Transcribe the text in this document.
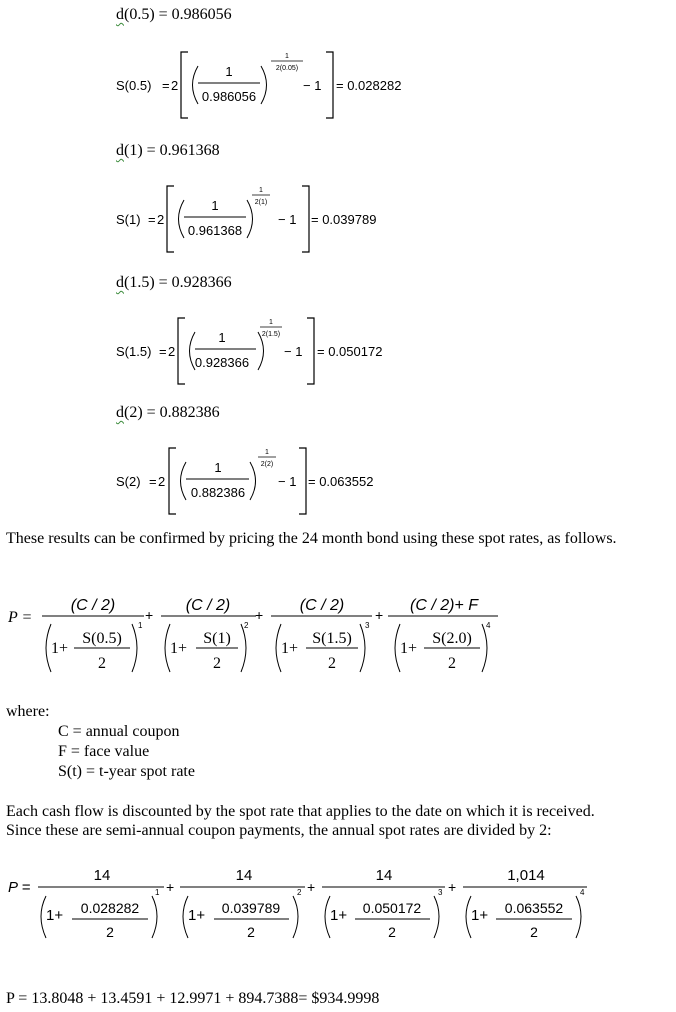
d(0.5) = 0.986056
S(0.5) = 2
1
0.986056
1
2(0.05)
− 1 = 0.028282
d(1) = 0.961368
S(1) = 2
1
0.961368
1
2(1)
− 1 = 0.039789
d(1.5) = 0.928366
S(1.5) = 2
1
0.928366
1
2(1.5)
− 1 = 0.050172
d(2) = 0.882386
S(2) = 2
1
0.882386
1
2(2)
− 1 = 0.063552
These results can be confirmed by pricing the 24 month bond using these spot rates, as follows.
P =
(C / 2)
1+
S(0.5)
2
1
+
(C / 2)
1+
S(1)
2
2
+
(C / 2)
1+
S(1.5)
2
3
+
(C / 2)+ F
1+
S(2.0)
2
4
where:
C = annual coupon
F = face value
S(t) = t-year spot rate
Each cash flow is discounted by the spot rate that applies to the date on which it is received.
Since these are semi-annual coupon payments, the annual spot rates are divided by 2:
P =
14
1+ 0.028282
2
1 +
14
1+ 0.039789
2
2 +
14
1+ 0.050172
2
3 +
1,014
1+ 0.063552
2
4
P = 13.8048 + 13.4591 + 12.9971 + 894.7388= $934.9998
